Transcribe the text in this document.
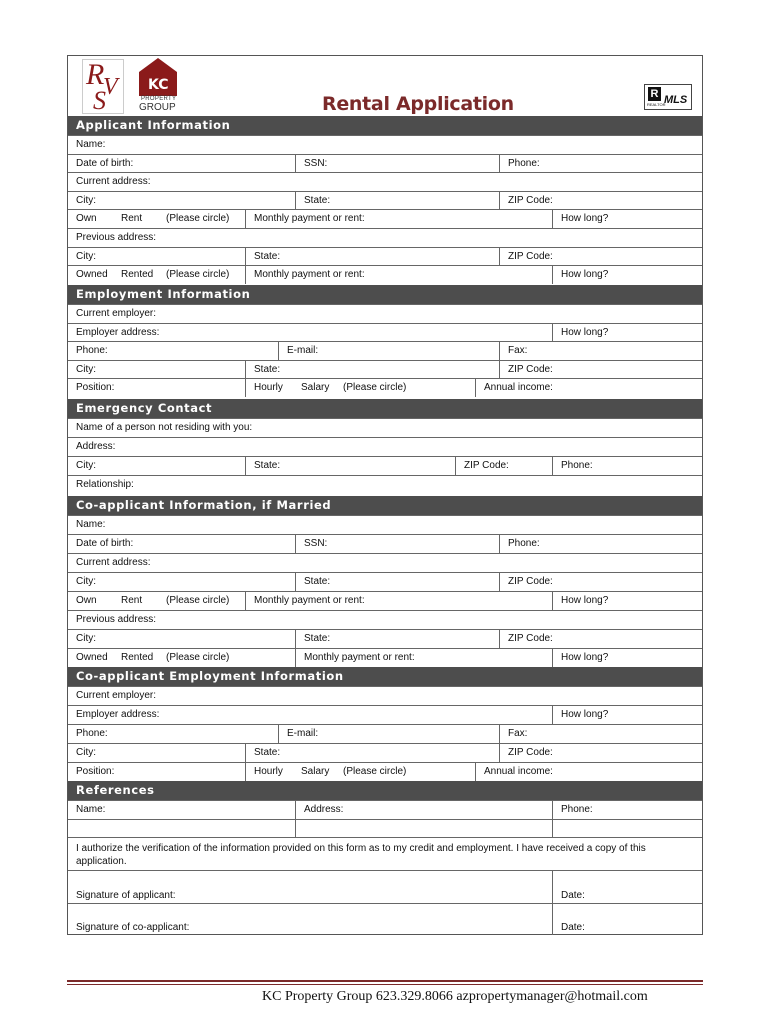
R
V
S
KC
PROPERTY
GROUP	Rental Application	R
REALTOR
MLS
Applicant Information
Name:
Date of birth:	SSN:	Phone:
Current address:
City:	State:	ZIP Code:
Own	Rent	(Please circle)	Monthly payment or rent:	How long?
Previous address:
City:	State:	ZIP Code:
Owned	Rented	(Please circle)	Monthly payment or rent:	How long?
Employment Information
Current employer:
Employer address:	How long?
Phone:	E-mail:	Fax:
City:	State:	ZIP Code:
Position:	Hourly	Salary	(Please circle)	Annual income:
Emergency Contact
Name of a person not residing with you:
Address:
City:	State:	ZIP Code:	Phone:
Relationship:
Co-applicant Information, if Married
Name:
Date of birth:	SSN:	Phone:
Current address:
City:	State:	ZIP Code:
Own	Rent	(Please circle)	Monthly payment or rent:	How long?
Previous address:
City:	State:	ZIP Code:
Owned	Rented	(Please circle)	Monthly payment or rent:	How long?
Co-applicant Employment Information
Current employer:
Employer address:	How long?
Phone:	E-mail:	Fax:
City:	State:	ZIP Code:
Position:	Hourly	Salary	(Please circle)	Annual income:
References
Name:	Address:	Phone:
I authorize the verification of the information provided on this form as to my credit and employment. I have received a copy of this application.
Signature of applicant:	Date:
Signature of co-applicant:	Date:
KC Property Group 623.329.8066 azpropertymanager@hotmail.com
